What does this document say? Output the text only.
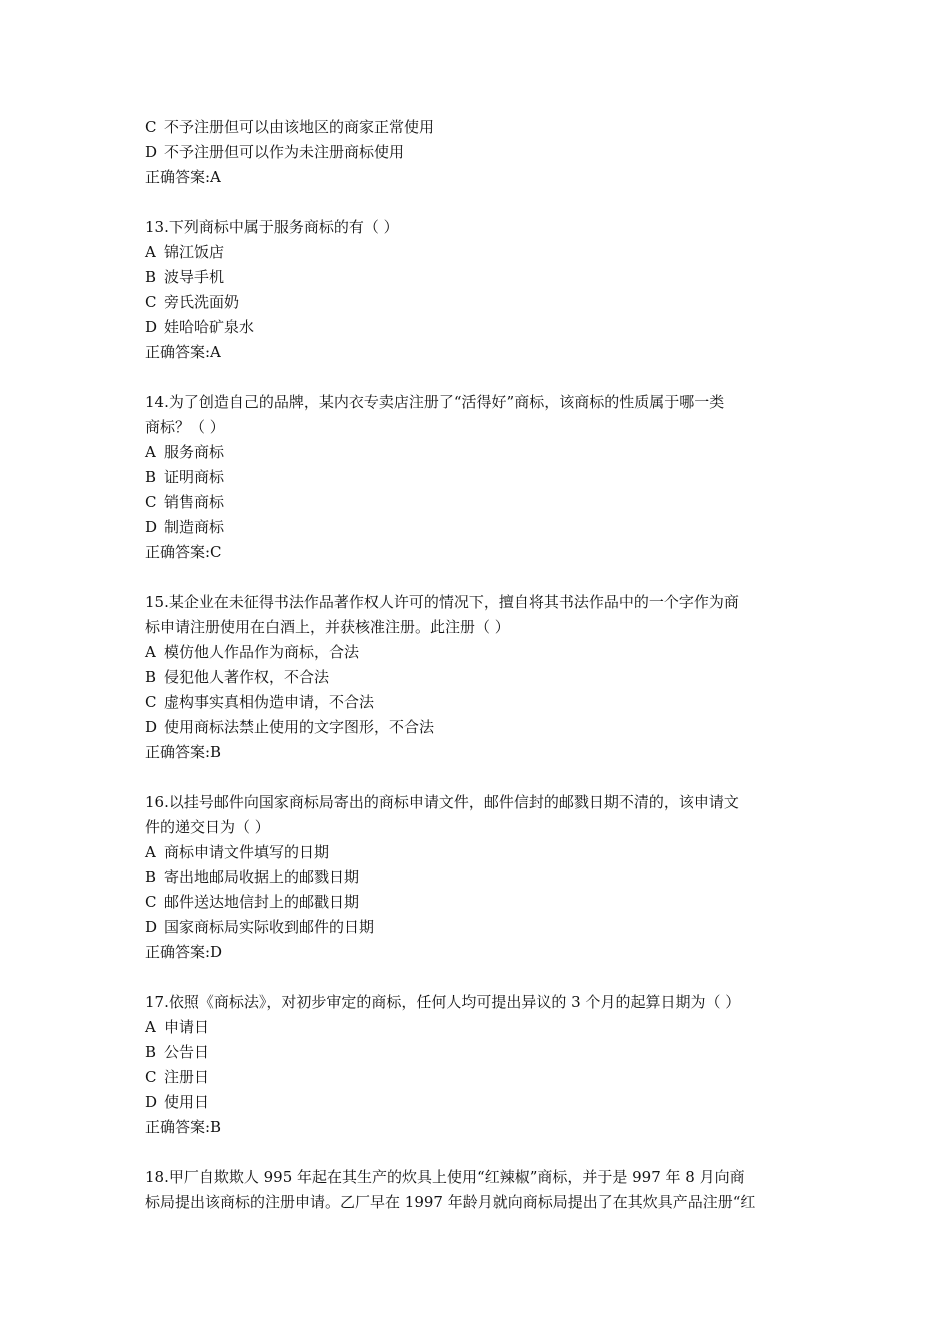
C 不予注册但可以由该地区的商家正常使用
D 不予注册但可以作为未注册商标使用
正确答案:A
13.下列商标中属于服务商标的有（ ）
A 锦江饭店
B 波导手机
C 旁氏洗面奶
D 娃哈哈矿泉水
正确答案:A
14.为了创造自己的品牌，某内衣专卖店注册了“活得好”商标，该商标的性质属于哪一类
商标？（ ）
A 服务商标
B 证明商标
C 销售商标
D 制造商标
正确答案:C
15.某企业在未征得书法作品著作权人许可的情况下，擅自将其书法作品中的一个字作为商
标申请注册使用在白酒上，并获核准注册。此注册（ ）
A 模仿他人作品作为商标，合法
B 侵犯他人著作权，不合法
C 虚构事实真相伪造申请，不合法
D 使用商标法禁止使用的文字图形，不合法
正确答案:B
16.以挂号邮件向国家商标局寄出的商标申请文件，邮件信封的邮戮日期不清的，该申请文
件的递交日为（ ）
A 商标申请文件填写的日期
B 寄出地邮局收据上的邮戮日期
C 邮件送达地信封上的邮戳日期
D 国家商标局实际收到邮件的日期
正确答案:D
17.依照《商标法》，对初步审定的商标，任何人均可提出异议的 3 个月的起算日期为（ ）
A 申请日
B 公告日
C 注册日
D 使用日
正确答案:B
18.甲厂自欺欺人 995 年起在其生产的炊具上使用“红辣椒”商标，并于是 997 年 8 月向商
标局提出该商标的注册申请。乙厂早在 1997 年龄月就向商标局提出了在其炊具产品注册“红
